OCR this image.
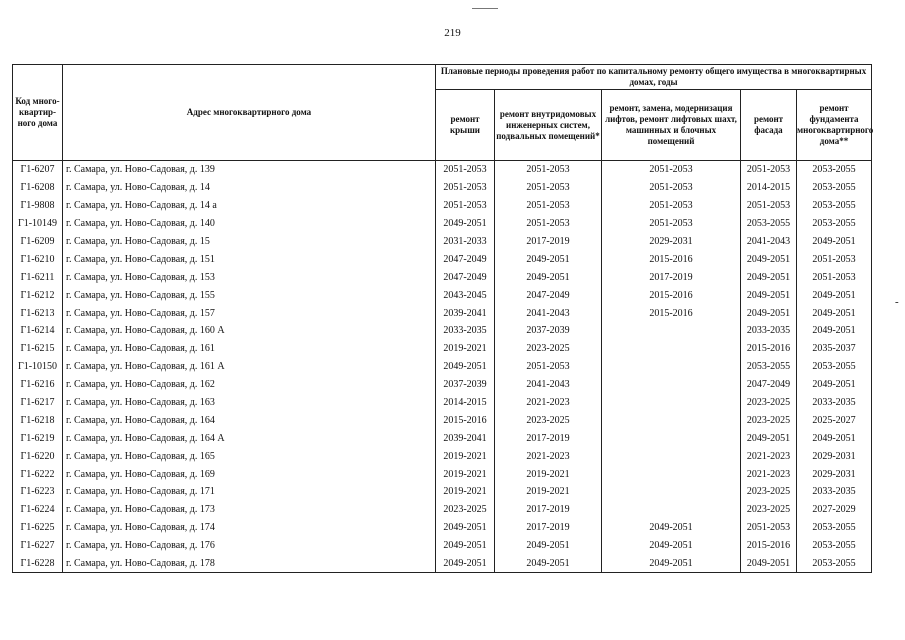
219
-
Код много-квартир-ного дома	Адрес многоквартирного дома	Плановые периоды проведения работ по капитальному ремонту общего имущества в многоквартирных домах, годы				
		ремонт крыши	ремонт внутридомовых инженерных систем, подвальных помещений*	ремонт, замена, модернизация лифтов, ремонт лифтовых шахт, машинных и блочных помещений	ремонт фасада	ремонт фундамента многоквартирного дома**
Г1-6207	г. Самара, ул. Ново-Садовая, д. 139	2051-2053	2051-2053	2051-2053	2051-2053	2053-2055
Г1-6208	г. Самара, ул. Ново-Садовая, д. 14	2051-2053	2051-2053	2051-2053	2014-2015	2053-2055
Г1-9808	г. Самара, ул. Ново-Садовая, д. 14 а	2051-2053	2051-2053	2051-2053	2051-2053	2053-2055
Г1-10149	г. Самара, ул. Ново-Садовая, д. 140	2049-2051	2051-2053	2051-2053	2053-2055	2053-2055
Г1-6209	г. Самара, ул. Ново-Садовая, д. 15	2031-2033	2017-2019	2029-2031	2041-2043	2049-2051
Г1-6210	г. Самара, ул. Ново-Садовая, д. 151	2047-2049	2049-2051	2015-2016	2049-2051	2051-2053
Г1-6211	г. Самара, ул. Ново-Садовая, д. 153	2047-2049	2049-2051	2017-2019	2049-2051	2051-2053
Г1-6212	г. Самара, ул. Ново-Садовая, д. 155	2043-2045	2047-2049	2015-2016	2049-2051	2049-2051
Г1-6213	г. Самара, ул. Ново-Садовая, д. 157	2039-2041	2041-2043	2015-2016	2049-2051	2049-2051
Г1-6214	г. Самара, ул. Ново-Садовая, д. 160 А	2033-2035	2037-2039		2033-2035	2049-2051
Г1-6215	г. Самара, ул. Ново-Садовая, д. 161	2019-2021	2023-2025		2015-2016	2035-2037
Г1-10150	г. Самара, ул. Ново-Садовая, д. 161 А	2049-2051	2051-2053		2053-2055	2053-2055
Г1-6216	г. Самара, ул. Ново-Садовая, д. 162	2037-2039	2041-2043		2047-2049	2049-2051
Г1-6217	г. Самара, ул. Ново-Садовая, д. 163	2014-2015	2021-2023		2023-2025	2033-2035
Г1-6218	г. Самара, ул. Ново-Садовая, д. 164	2015-2016	2023-2025		2023-2025	2025-2027
Г1-6219	г. Самара, ул. Ново-Садовая, д. 164 А	2039-2041	2017-2019		2049-2051	2049-2051
Г1-6220	г. Самара, ул. Ново-Садовая, д. 165	2019-2021	2021-2023		2021-2023	2029-2031
Г1-6222	г. Самара, ул. Ново-Садовая, д. 169	2019-2021	2019-2021		2021-2023	2029-2031
Г1-6223	г. Самара, ул. Ново-Садовая, д. 171	2019-2021	2019-2021		2023-2025	2033-2035
Г1-6224	г. Самара, ул. Ново-Садовая, д. 173	2023-2025	2017-2019		2023-2025	2027-2029
Г1-6225	г. Самара, ул. Ново-Садовая, д. 174	2049-2051	2017-2019	2049-2051	2051-2053	2053-2055
Г1-6227	г. Самара, ул. Ново-Садовая, д. 176	2049-2051	2049-2051	2049-2051	2015-2016	2053-2055
Г1-6228	г. Самара, ул. Ново-Садовая, д. 178	2049-2051	2049-2051	2049-2051	2049-2051	2053-2055
